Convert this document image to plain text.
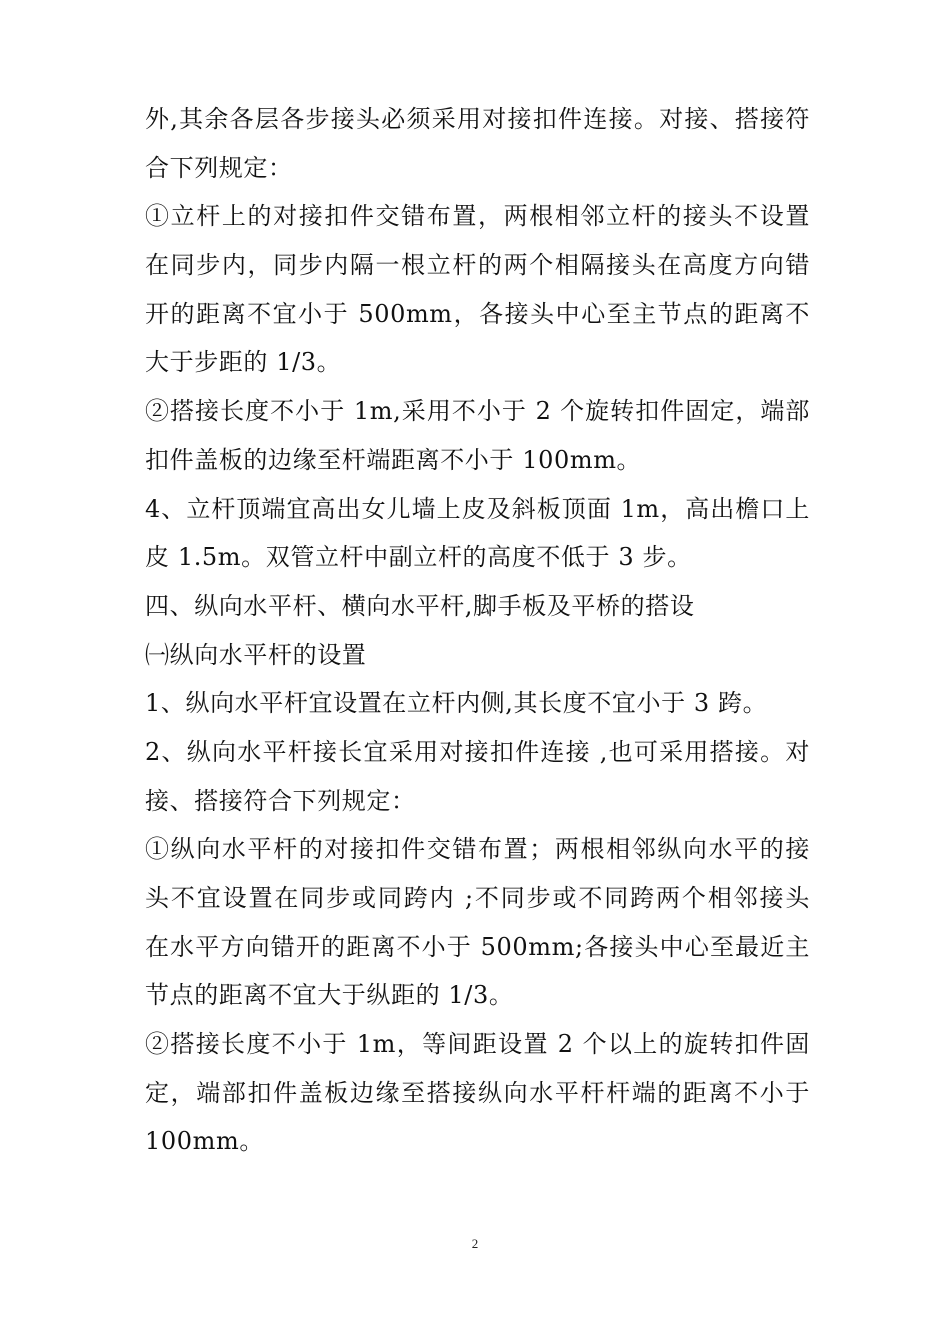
外,其余各层各步接头必须采用对接扣件连接。对接、搭接符
合下列规定：
①立杆上的对接扣件交错布置，两根相邻立杆的接头不设置
在同步内，同步内隔一根立杆的两个相隔接头在高度方向错
开的距离不宜小于 500mm，各接头中心至主节点的距离不
大于步距的 1/3。
②搭接长度不小于 1m,采用不小于 2 个旋转扣件固定，端部
扣件盖板的边缘至杆端距离不小于 100mm。
4、立杆顶端宜高出女儿墙上皮及斜板顶面 1m，高出檐口上
皮 1.5m。双管立杆中副立杆的高度不低于 3 步。
四、纵向水平杆、横向水平杆,脚手板及平桥的搭设
㈠纵向水平杆的设置
1、纵向水平杆宜设置在立杆内侧,其长度不宜小于 3 跨。
2、纵向水平杆接长宜采用对接扣件连接 ,也可采用搭接。对
接、搭接符合下列规定：
①纵向水平杆的对接扣件交错布置；两根相邻纵向水平的接
头不宜设置在同步或同跨内 ;不同步或不同跨两个相邻接头
在水平方向错开的距离不小于 500mm;各接头中心至最近主
节点的距离不宜大于纵距的 1/3。
②搭接长度不小于 1m，等间距设置 2 个以上的旋转扣件固
定，端部扣件盖板边缘至搭接纵向水平杆杆端的距离不小于
100mm。
2
